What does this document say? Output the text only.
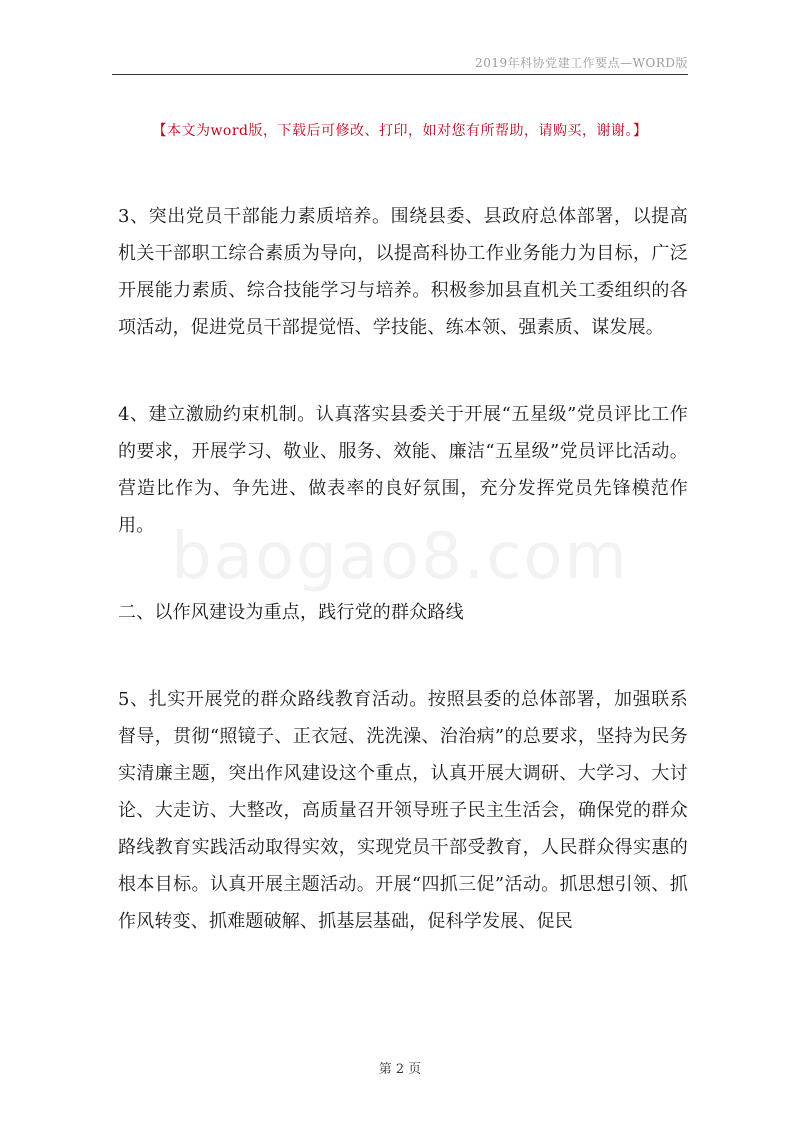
2019年科协党建工作要点—WORD版
【本文为word版，下载后可修改、打印，如对您有所帮助，请购买，谢谢。】
baogao8.com

3、突出党员干部能力素质培养。围绕县委、县政府总体部署，以提高机关干部职工综合素质为导向，以提高科协工作业务能力为目标，广泛开展能力素质、综合技能学习与培养。积极参加县直机关工委组织的各项活动，促进党员干部提觉悟、学技能、练本领、强素质、谋发展。

4、建立激励约束机制。认真落实县委关于开展“五星级”党员评比工作的要求，开展学习、敬业、服务、效能、廉洁“五星级”党员评比活动。营造比作为、争先进、做表率的良好氛围，充分发挥党员先锋模范作用。

二、以作风建设为重点，践行党的群众路线

5、扎实开展党的群众路线教育活动。按照县委的总体部署，加强联系督导，贯彻“照镜子、正衣冠、洗洗澡、治治病”的总要求，坚持为民务实清廉主题，突出作风建设这个重点，认真开展大调研、大学习、大讨论、大走访、大整改，高质量召开领导班子民主生活会，确保党的群众路线教育实践活动取得实效，实现党员干部受教育，人民群众得实惠的根本目标。认真开展主题活动。开展“四抓三促”活动。抓思想引领、抓作风转变、抓难题破解、抓基层基础，促科学发展、促民

第 2 页
